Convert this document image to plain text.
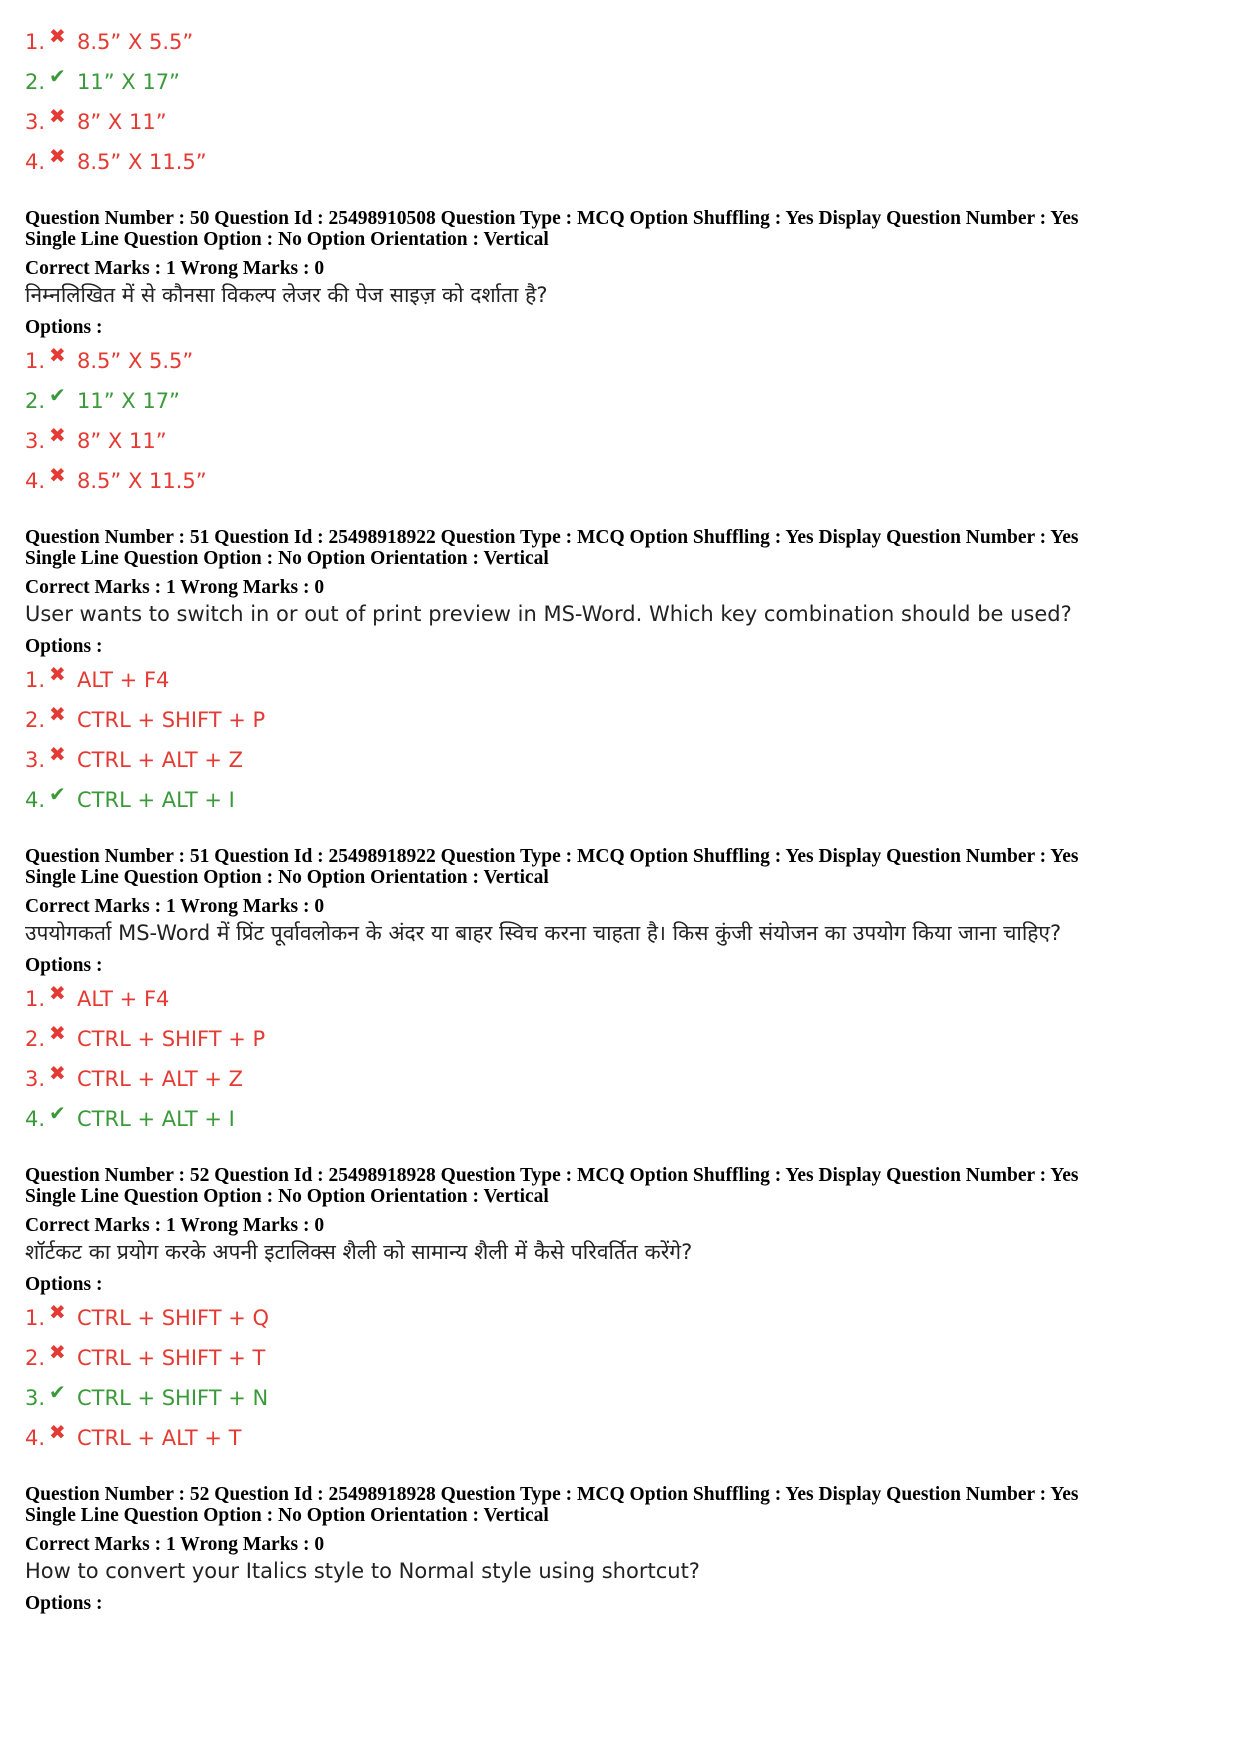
1. ✖ 8.5” X 5.5”
2. ✔ 11” X 17”
3. ✖ 8” X 11”
4. ✖ 8.5” X 11.5”
Question Number : 50 Question Id : 25498910508 Question Type : MCQ Option Shuffling : Yes Display Question Number : Yes
Single Line Question Option : No Option Orientation : Vertical
Correct Marks : 1 Wrong Marks : 0
निम्नलिखित में से कौनसा विकल्प लेजर की पेज साइज़ को दर्शाता है?
Options :
1. ✖ 8.5” X 5.5”
2. ✔ 11” X 17”
3. ✖ 8” X 11”
4. ✖ 8.5” X 11.5”
Question Number : 51 Question Id : 25498918922 Question Type : MCQ Option Shuffling : Yes Display Question Number : Yes
Single Line Question Option : No Option Orientation : Vertical
Correct Marks : 1 Wrong Marks : 0
User wants to switch in or out of print preview in MS-Word. Which key combination should be used?
Options :
1. ✖ ALT + F4
2. ✖ CTRL + SHIFT + P
3. ✖ CTRL + ALT + Z
4. ✔ CTRL + ALT + I
Question Number : 51 Question Id : 25498918922 Question Type : MCQ Option Shuffling : Yes Display Question Number : Yes
Single Line Question Option : No Option Orientation : Vertical
Correct Marks : 1 Wrong Marks : 0
उपयोगकर्ता MS-Word में प्रिंट पूर्वावलोकन के अंदर या बाहर स्विच करना चाहता है। किस कुंजी संयोजन का उपयोग किया जाना चाहिए?
Options :
1. ✖ ALT + F4
2. ✖ CTRL + SHIFT + P
3. ✖ CTRL + ALT + Z
4. ✔ CTRL + ALT + I
Question Number : 52 Question Id : 25498918928 Question Type : MCQ Option Shuffling : Yes Display Question Number : Yes
Single Line Question Option : No Option Orientation : Vertical
Correct Marks : 1 Wrong Marks : 0
शॉर्टकट का प्रयोग करके अपनी इटालिक्स शैली को सामान्य शैली में कैसे परिवर्तित करेंगे?
Options :
1. ✖ CTRL + SHIFT + Q
2. ✖ CTRL + SHIFT + T
3. ✔ CTRL + SHIFT + N
4. ✖ CTRL + ALT + T
Question Number : 52 Question Id : 25498918928 Question Type : MCQ Option Shuffling : Yes Display Question Number : Yes
Single Line Question Option : No Option Orientation : Vertical
Correct Marks : 1 Wrong Marks : 0
How to convert your Italics style to Normal style using shortcut?
Options :
